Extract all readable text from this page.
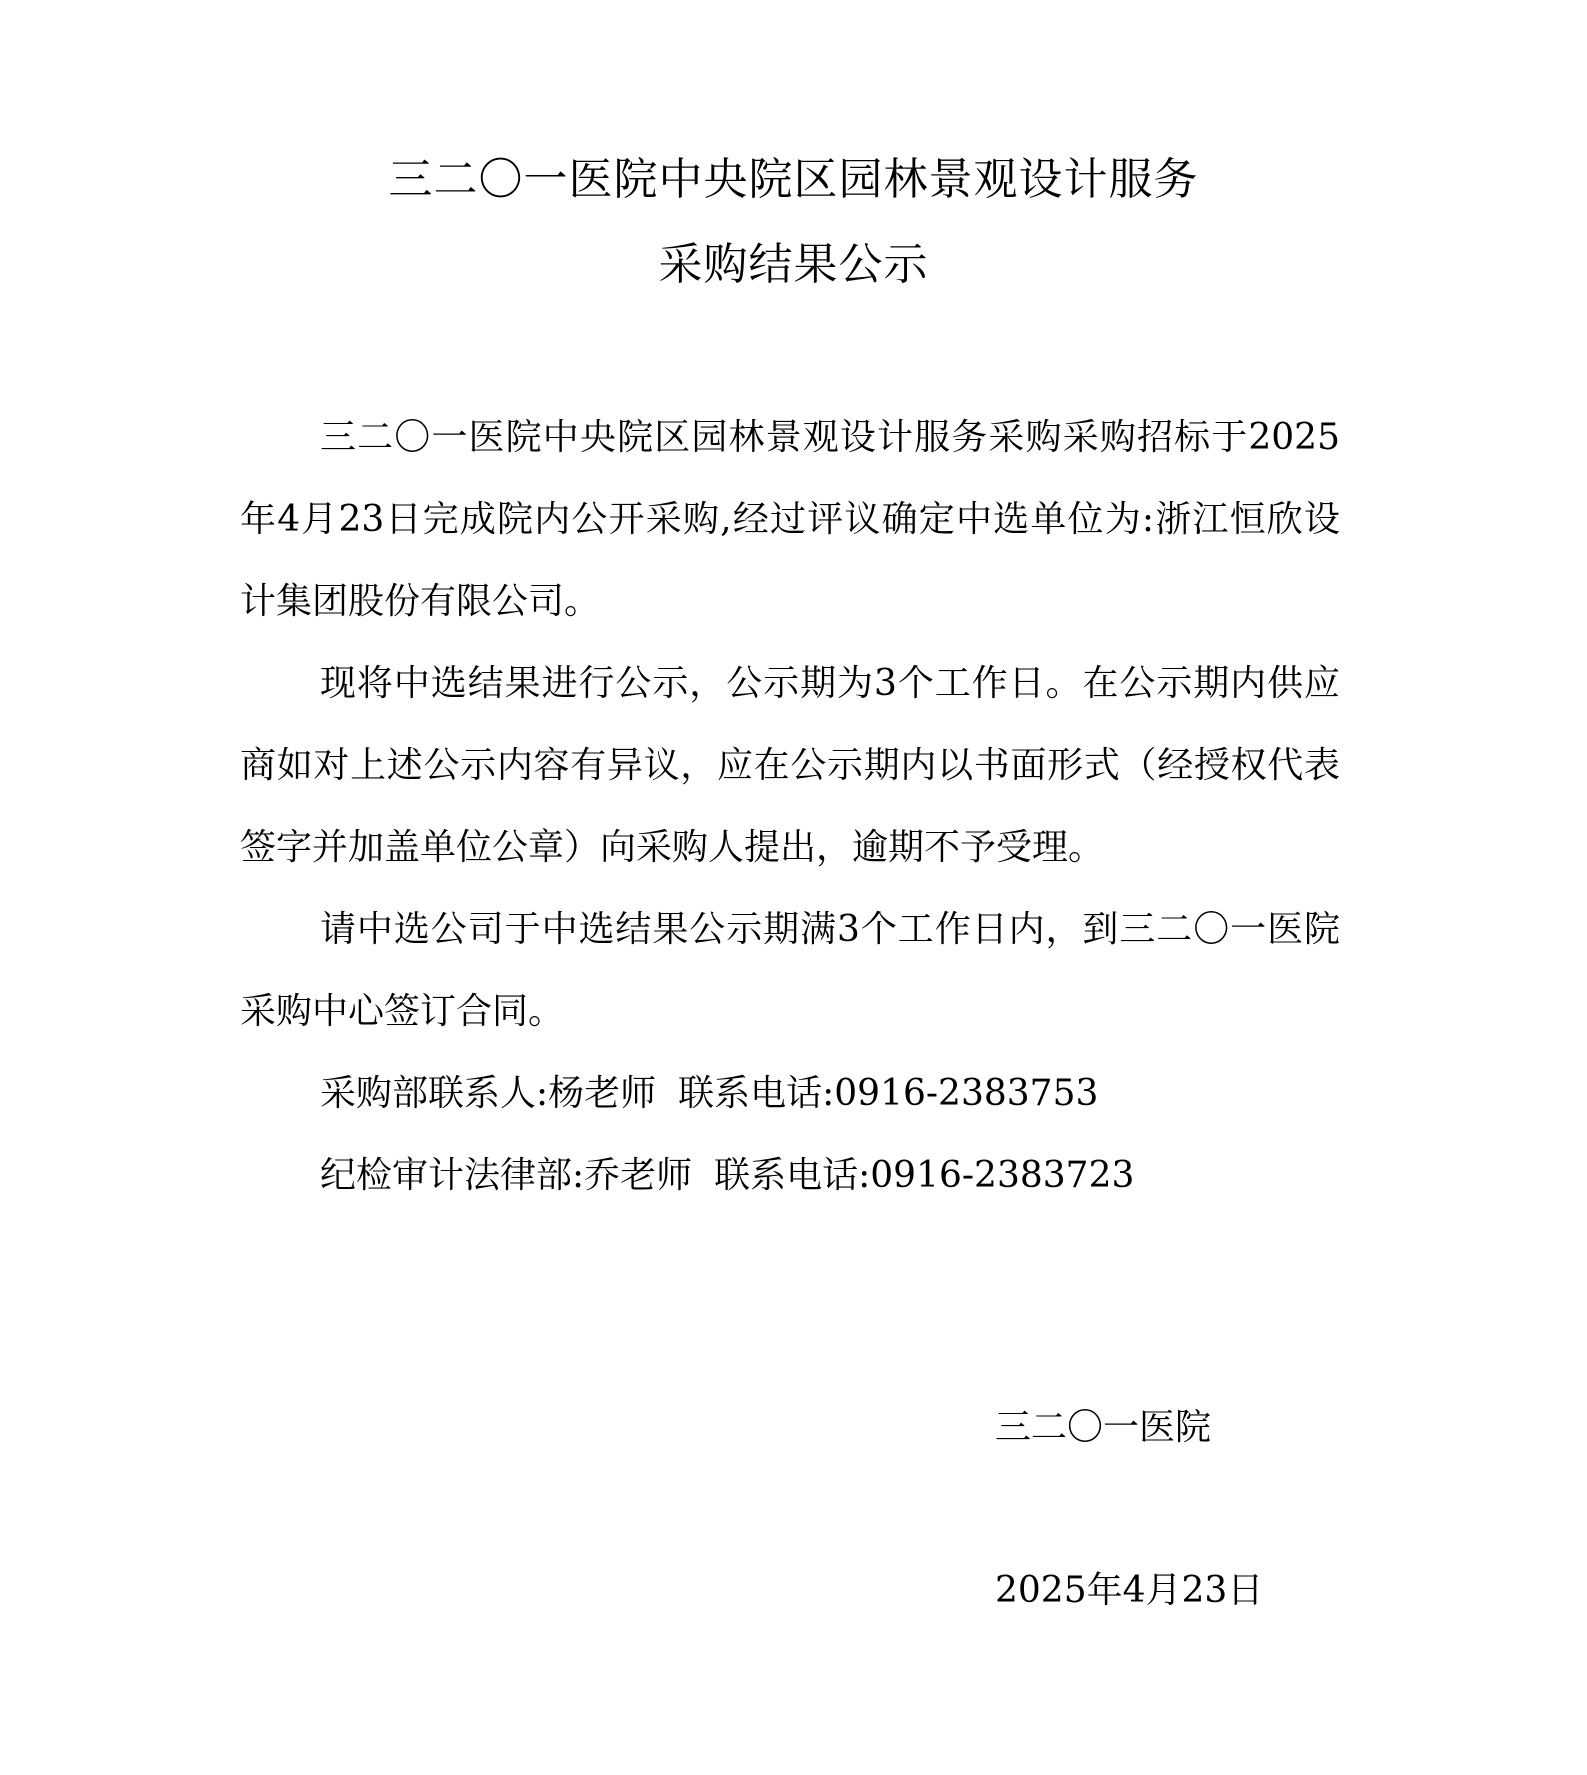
三二〇一医院中央院区园林景观设计服务
采购结果公示

三二〇一医院中央院区园林景观设计服务采购采购招标于2025年4月23日完成院内公开采购,经过评议确定中选单位为:浙江恒欣设计集团股份有限公司。

现将中选结果进行公示，公示期为3个工作日。在公示期内供应商如对上述公示内容有异议，应在公示期内以书面形式（经授权代表签字并加盖单位公章）向采购人提出，逾期不予受理。

请中选公司于中选结果公示期满3个工作日内，到三二〇一医院采购中心签订合同。

采购部联系人:杨老师 联系电话:0916-2383753

纪检审计法律部:乔老师 联系电话:0916-2383723

三二〇一医院
2025年4月23日
